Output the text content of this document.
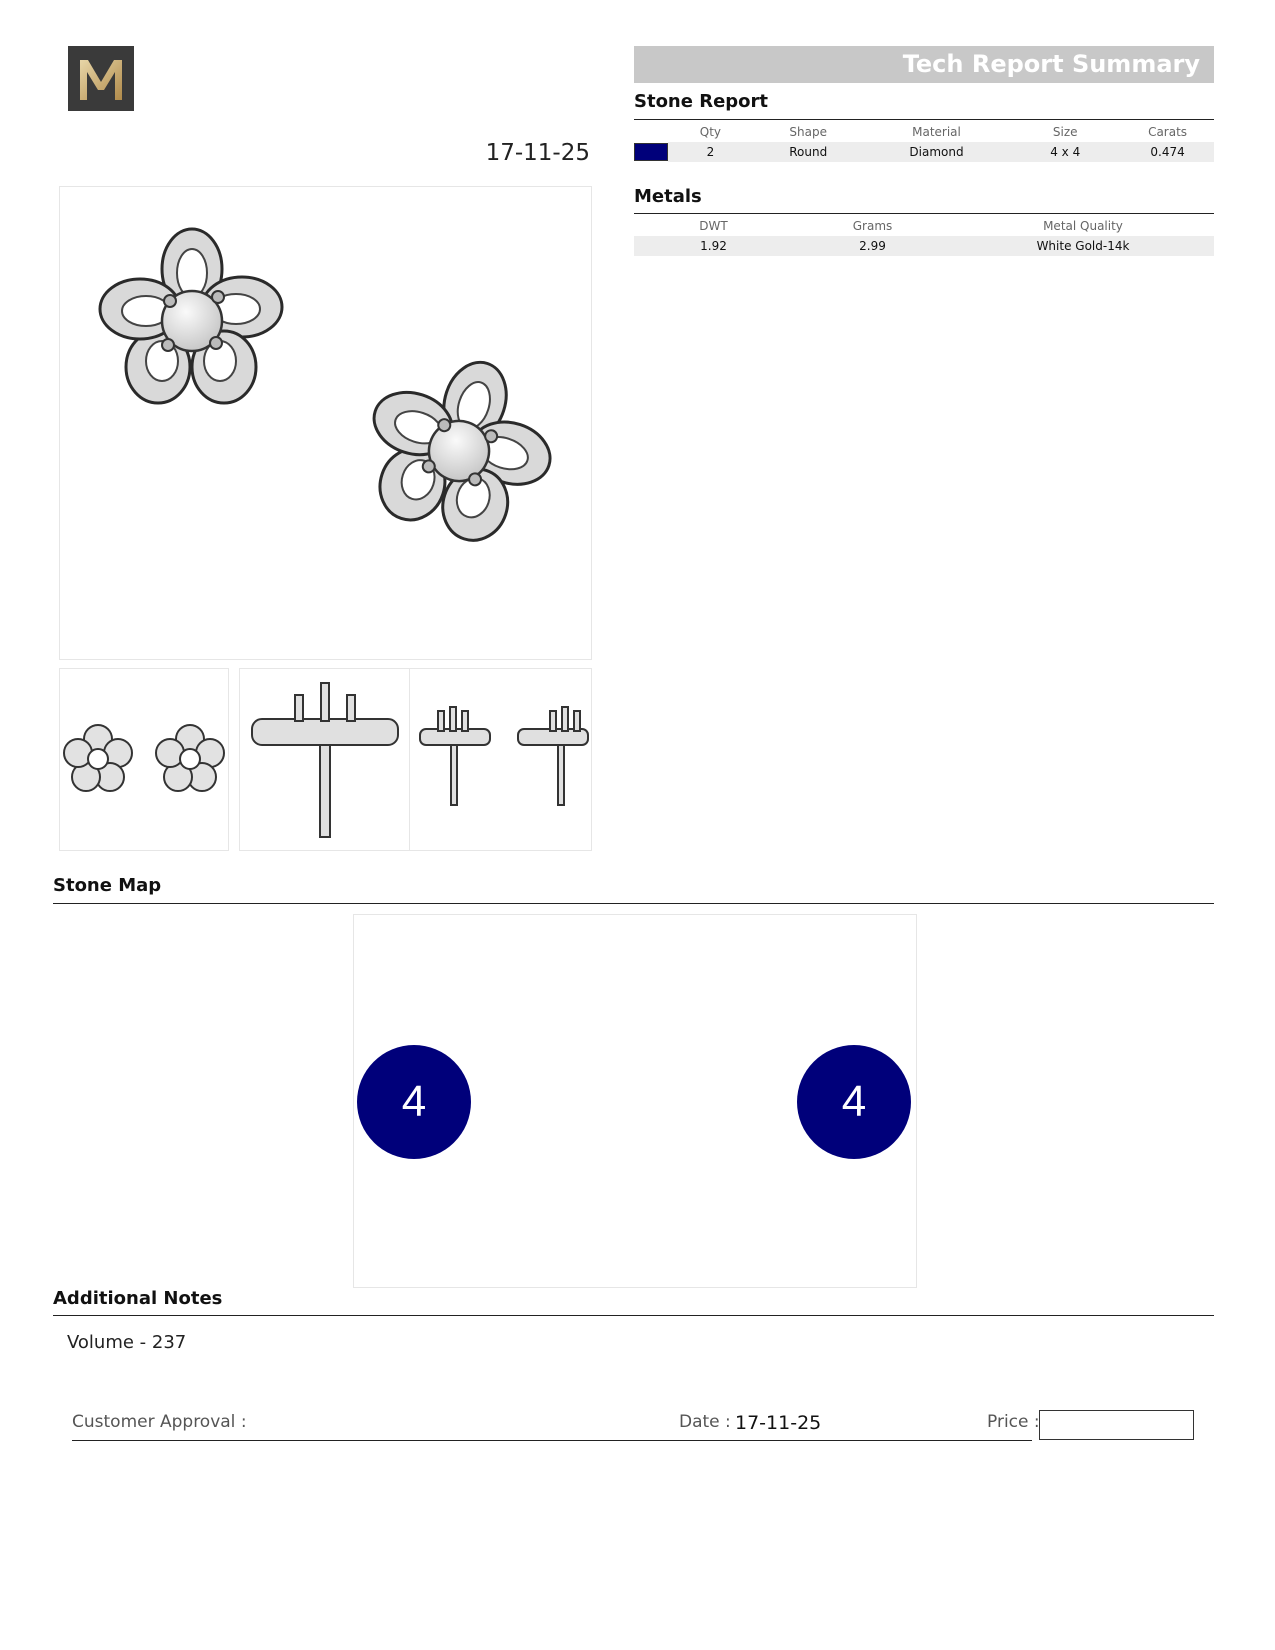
17-11-25
Tech Report Summary
Stone Report
	Qty	Shape	Material	Size	Carats

	2	Round	Diamond	4 x 4	0.474
Metals
DWT	Grams	Metal Quality
1.92	2.99	White Gold-14k
Stone Map
4	4
Additional Notes
Volume - 237
Customer Approval :	Date : 17-11-25	Price :
